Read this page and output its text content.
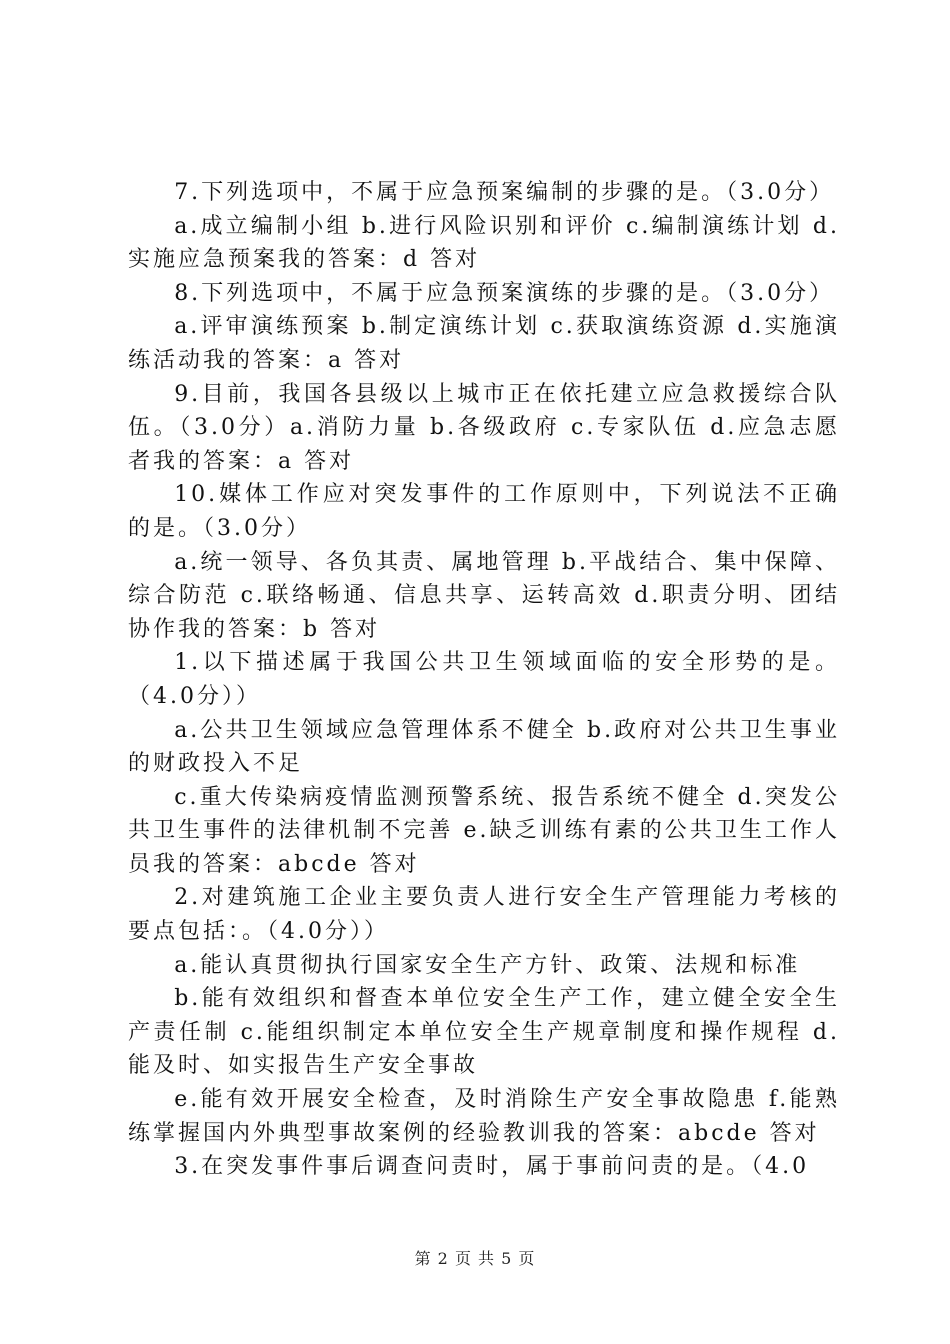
7.下列选项中，不属于应急预案编制的步骤的是。（3.0分）

a.成立编制小组 b.进行风险识别和评价 c.编制演练计划 d.实施应急预案我的答案：d 答对

8.下列选项中，不属于应急预案演练的步骤的是。（3.0分）

a.评审演练预案 b.制定演练计划 c.获取演练资源 d.实施演练活动我的答案：a 答对

9.目前，我国各县级以上城市正在依托建立应急救援综合队伍。（3.0分）a.消防力量 b.各级政府 c.专家队伍 d.应急志愿者我的答案：a 答对

10.媒体工作应对突发事件的工作原则中，下列说法不正确的是。（3.0分）

a.统一领导、各负其责、属地管理 b.平战结合、集中保障、综合防范 c.联络畅通、信息共享、运转高效 d.职责分明、团结协作我的答案：b 答对

1.以下描述属于我国公共卫生领域面临的安全形势的是。（4.0分））

a.公共卫生领域应急管理体系不健全 b.政府对公共卫生事业的财政投入不足

c.重大传染病疫情监测预警系统、报告系统不健全 d.突发公共卫生事件的法律机制不完善 e.缺乏训练有素的公共卫生工作人员我的答案：abcde 答对

2.对建筑施工企业主要负责人进行安全生产管理能力考核的要点包括：。（4.0分））

a.能认真贯彻执行国家安全生产方针、政策、法规和标准

b.能有效组织和督查本单位安全生产工作，建立健全安全生产责任制 c.能组织制定本单位安全生产规章制度和操作规程 d.能及时、如实报告生产安全事故

e.能有效开展安全检查，及时消除生产安全事故隐患 f.能熟练掌握国内外典型事故案例的经验教训我的答案：abcde 答对

3.在突发事件事后调查问责时，属于事前问责的是。（4.0

第 2 页 共 5 页
